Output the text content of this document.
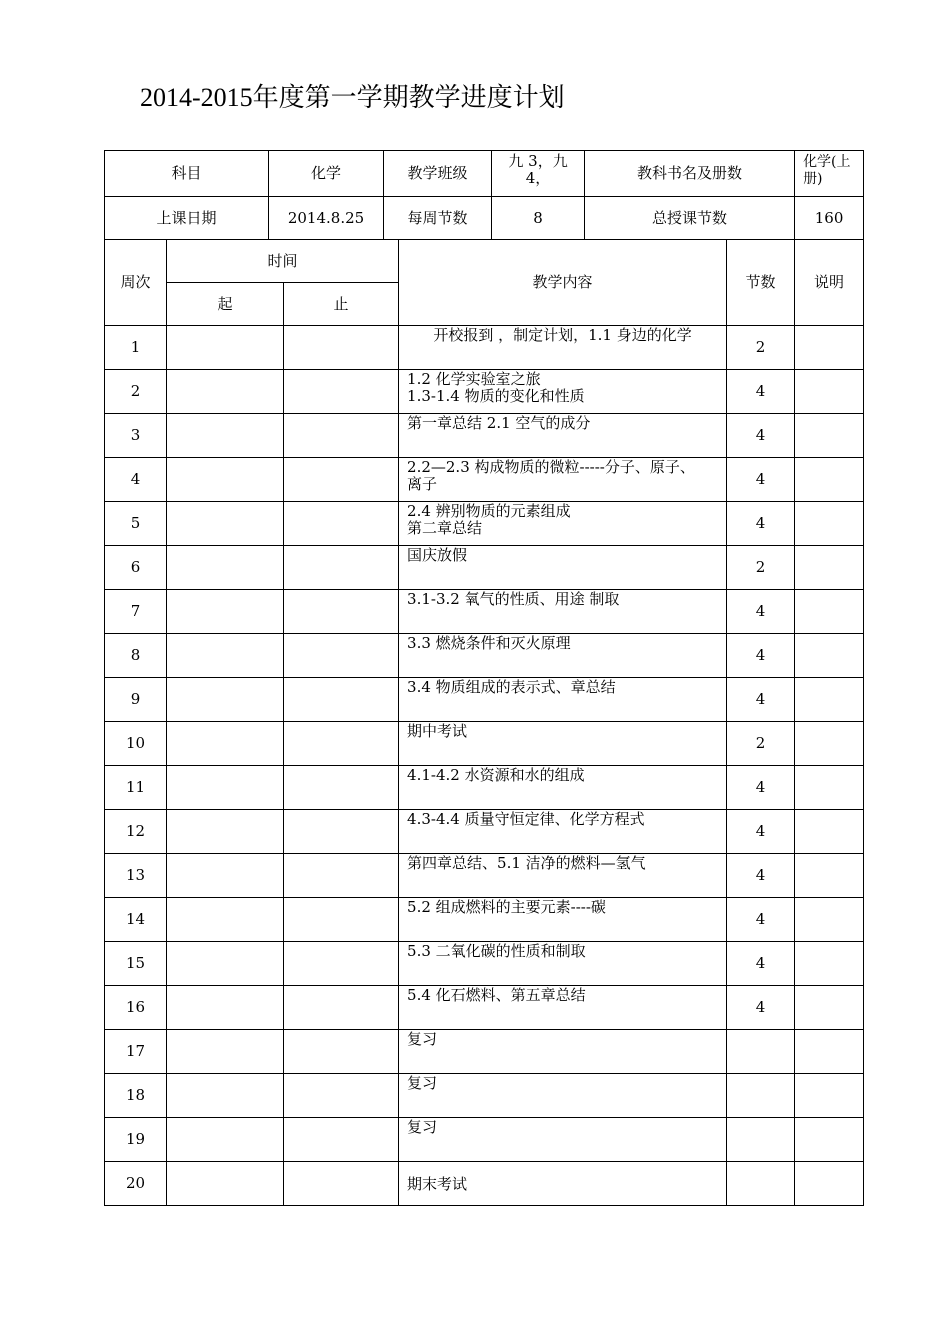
2014-2015年度第一学期教学进度计划
科目		化学		教学班级		九 3，九
4，	教科书名及册数		化学(上
册)

上课日期		2014.8.25		每周节数		8	总授课节数		160
周次	时间				教学内容			节数	说明
	起		止						
1					开校报到 ，制定计划，1.1 身边的化学			2	
2					1.2 化学实验室之旅
1.3-1.4 物质的变化和性质			4	
3					第一章总结 2.1 空气的成分			4	
4					2.2—2.3 构成物质的微粒-----分子、原子、
离子			4	
5					2.4 辨别物质的元素组成
第二章总结			4	
6					国庆放假			2	
7					3.1-3.2 氧气的性质、用途 制取			4	
8					3.3 燃烧条件和灭火原理			4	
9					3.4 物质组成的表示式、章总结			4	
10					期中考试			2	
11					4.1-4.2 水资源和水的组成			4	
12					4.3-4.4 质量守恒定律、化学方程式			4	
13					第四章总结、5.1 洁净的燃料—氢气			4	
14					5.2 组成燃料的主要元素----碳			4	
15					5.3 二氧化碳的性质和制取			4	
16					5.4 化石燃料、第五章总结			4	
17					复习				

18					复习				

19					复习				

20					期末考试				
